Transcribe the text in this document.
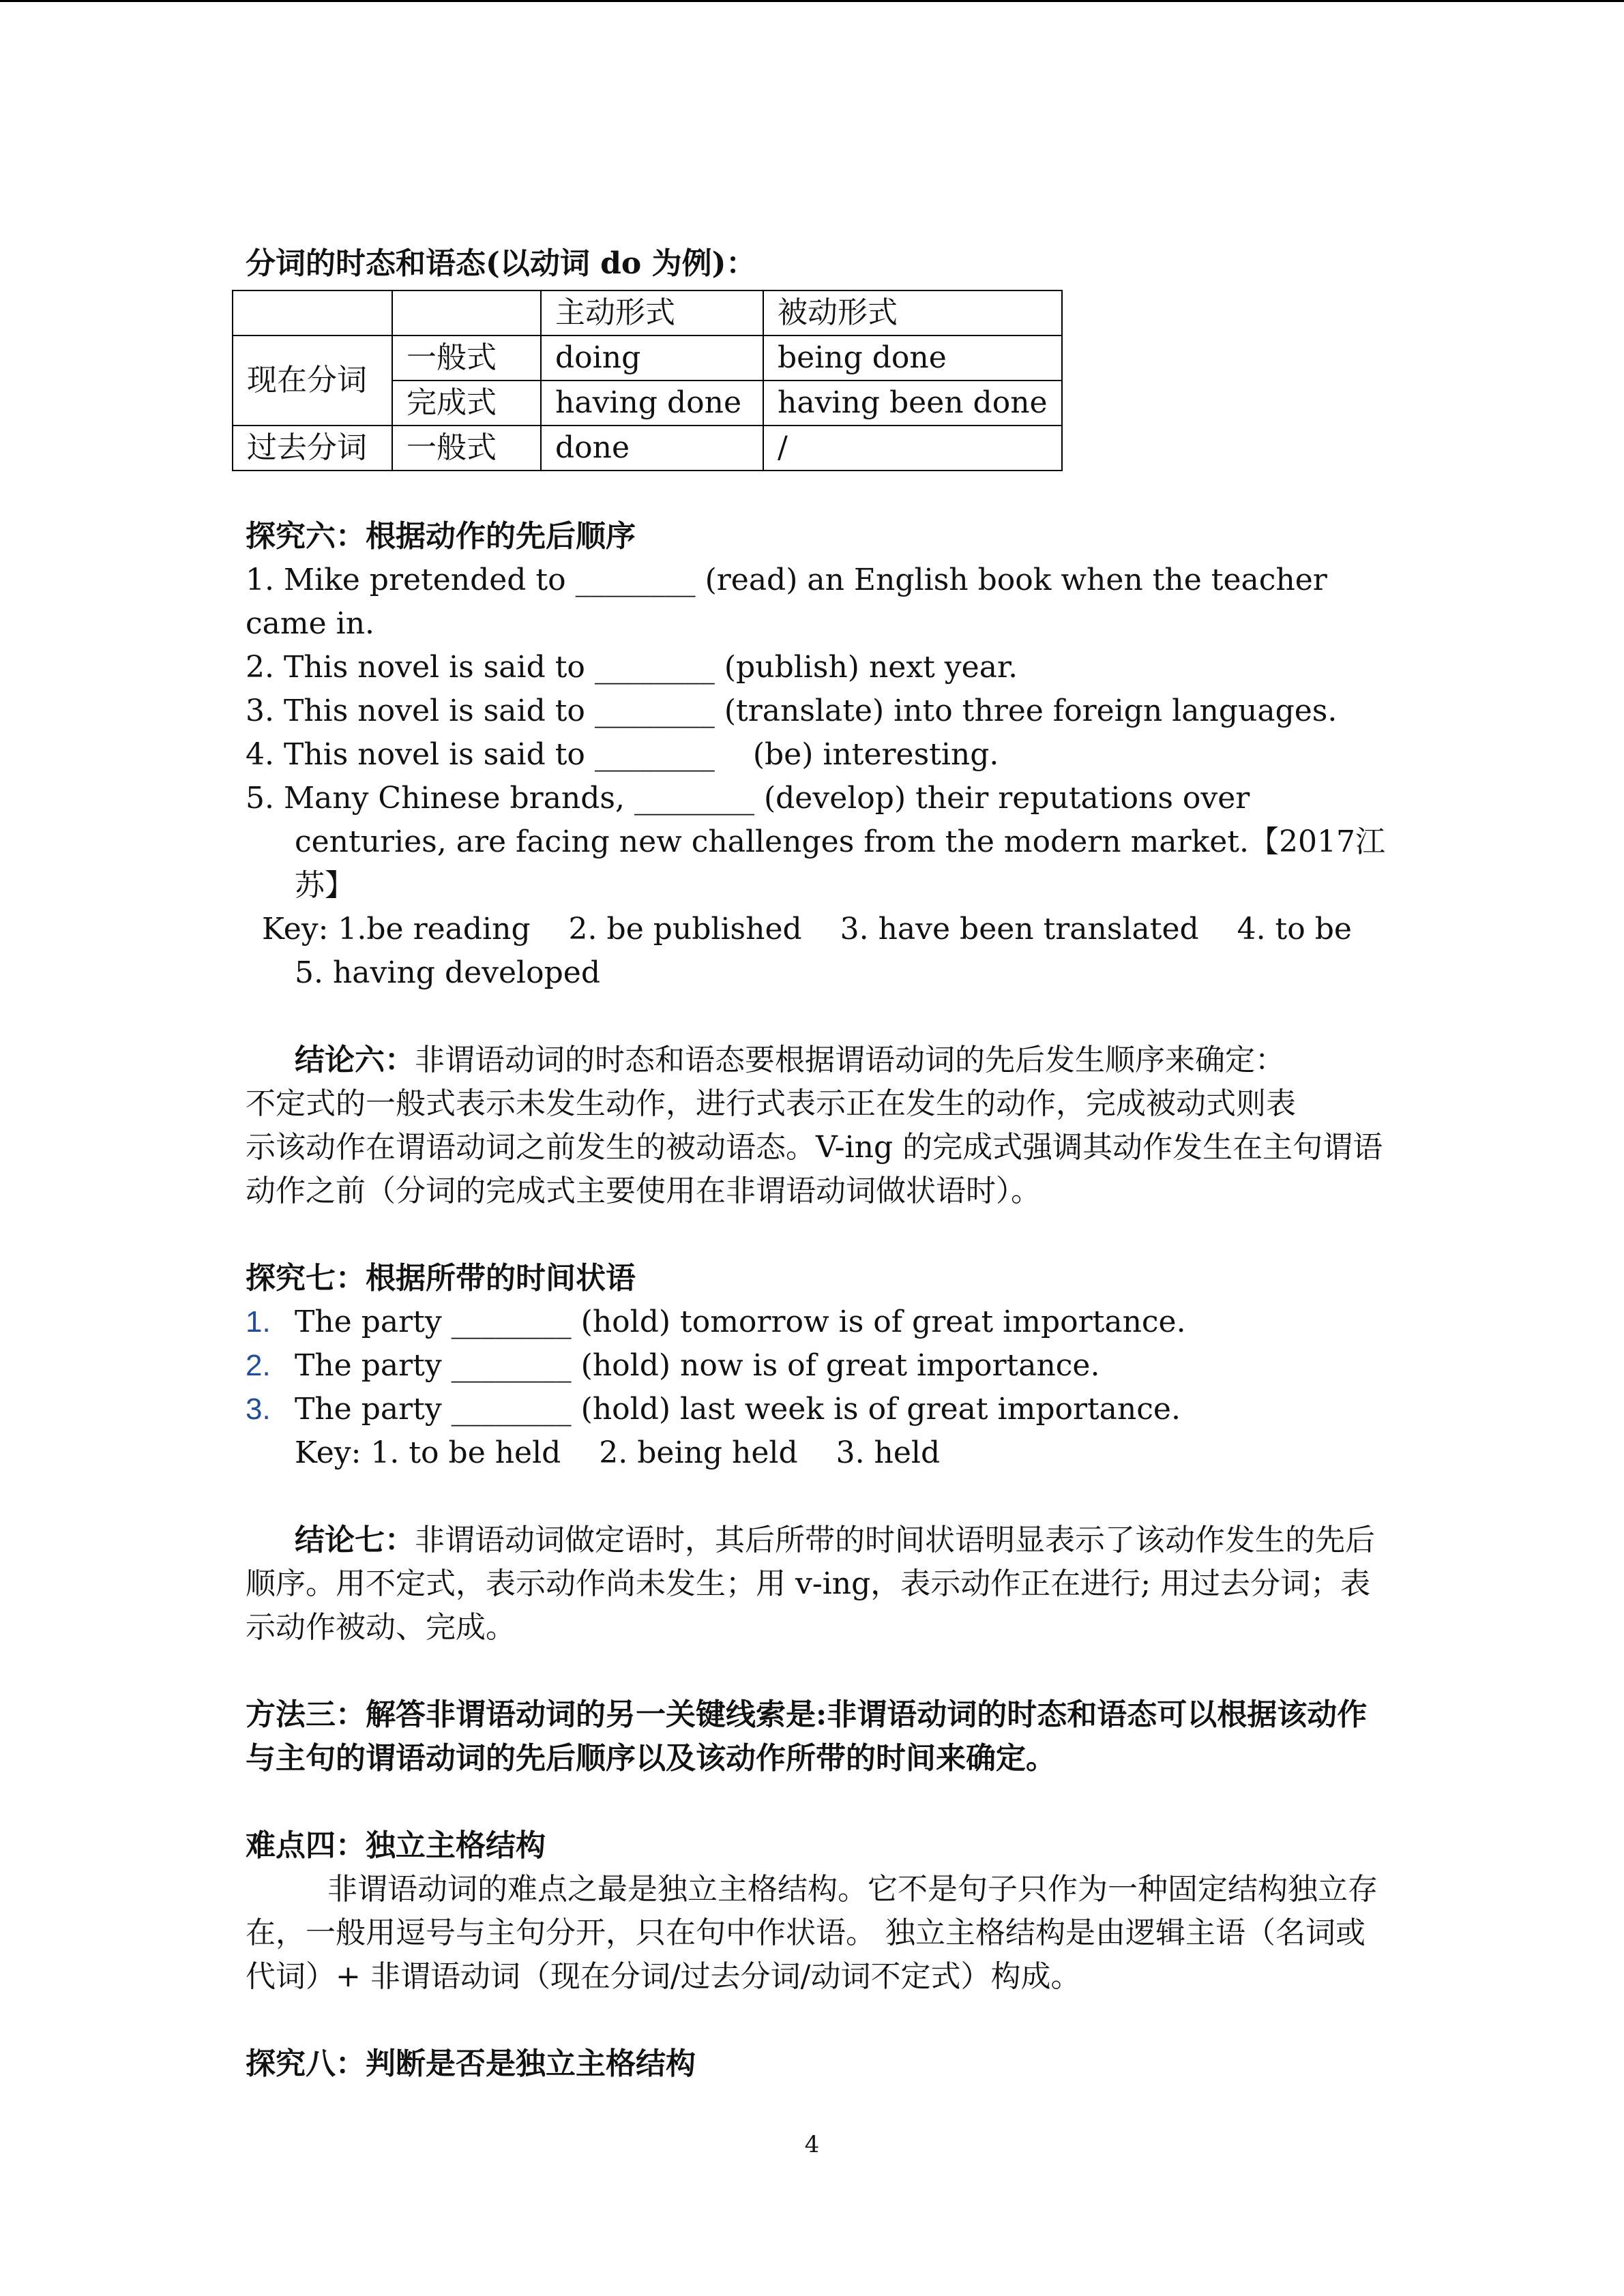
分词的时态和语态(以动词 do 为例)：

		主动形式	被动形式
现在分词	一般式	doing	being done
	完成式	having done	having been done
过去分词	一般式	done	/

探究六：根据动作的先后顺序

1. Mike pretended to ________ (read) an English book when the teacher came in.

2. This novel is said to ________ (publish) next year.

3. This novel is said to ________ (translate) into three foreign languages.

4. This novel is said to ________    (be) interesting.

5. Many Chinese brands, ________ (develop) their reputations over centuries, are facing new challenges from the modern market.【2017江苏】

Key: 1.be reading    2. be published    3. have been translated    4. to be    5. having developed

结论六：非谓语动词的时态和语态要根据谓语动词的先后发生顺序来确定：

不定式的一般式表示未发生动作，进行式表示正在发生的动作，完成被动式则表

示该动作在谓语动词之前发生的被动语态。V-ing 的完成式强调其动作发生在主句谓语动作之前（分词的完成式主要使用在非谓语动词做状语时）。

探究七：根据所带的时间状语

1. The party ________ (hold) tomorrow is of great importance.
2. The party ________ (hold) now is of great importance.
3. The party ________ (hold) last week is of great importance.

Key: 1. to be held    2. being held    3. held

结论七：非谓语动词做定语时，其后所带的时间状语明显表示了该动作发生的先后顺序。用不定式，表示动作尚未发生；用 v-ing，表示动作正在进行; 用过去分词；表示动作被动、完成。

方法三：解答非谓语动词的另一关键线索是:非谓语动词的时态和语态可以根据该动作与主句的谓语动词的先后顺序以及该动作所带的时间来确定。

难点四：独立主格结构

非谓语动词的难点之最是独立主格结构。它不是句子只作为一种固定结构独立存在，一般用逗号与主句分开，只在句中作状语。 独立主格结构是由逻辑主语（名词或代词）+ 非谓语动词（现在分词/过去分词/动词不定式）构成。

探究八：判断是否是独立主格结构

4
